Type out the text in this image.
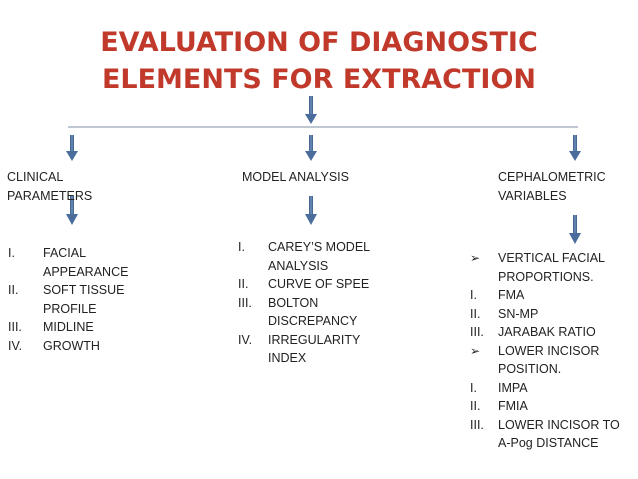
EVALUATION OF DIAGNOSTIC
ELEMENTS FOR EXTRACTION
CLINICAL
PARAMETERS
MODEL ANALYSIS	CEPHALOMETRIC
VARIABLES
I.	FACIAL APPEARANCE
II.	SOFT TISSUE PROFILE
III.	MIDLINE
IV.	GROWTH
I.	CAREY’S MODEL ANALYSIS
II.	CURVE OF SPEE
III.	BOLTON DISCREPANCY
IV.	IRREGULARITY INDEX
➢	VERTICAL FACIAL PROPORTIONS.
I.	FMA
II.	SN-MP
III.	JARABAK RATIO
➢	LOWER INCISOR POSITION.
I.	IMPA
II.	FMIA
III.	LOWER INCISOR TO A-Pog DISTANCE
